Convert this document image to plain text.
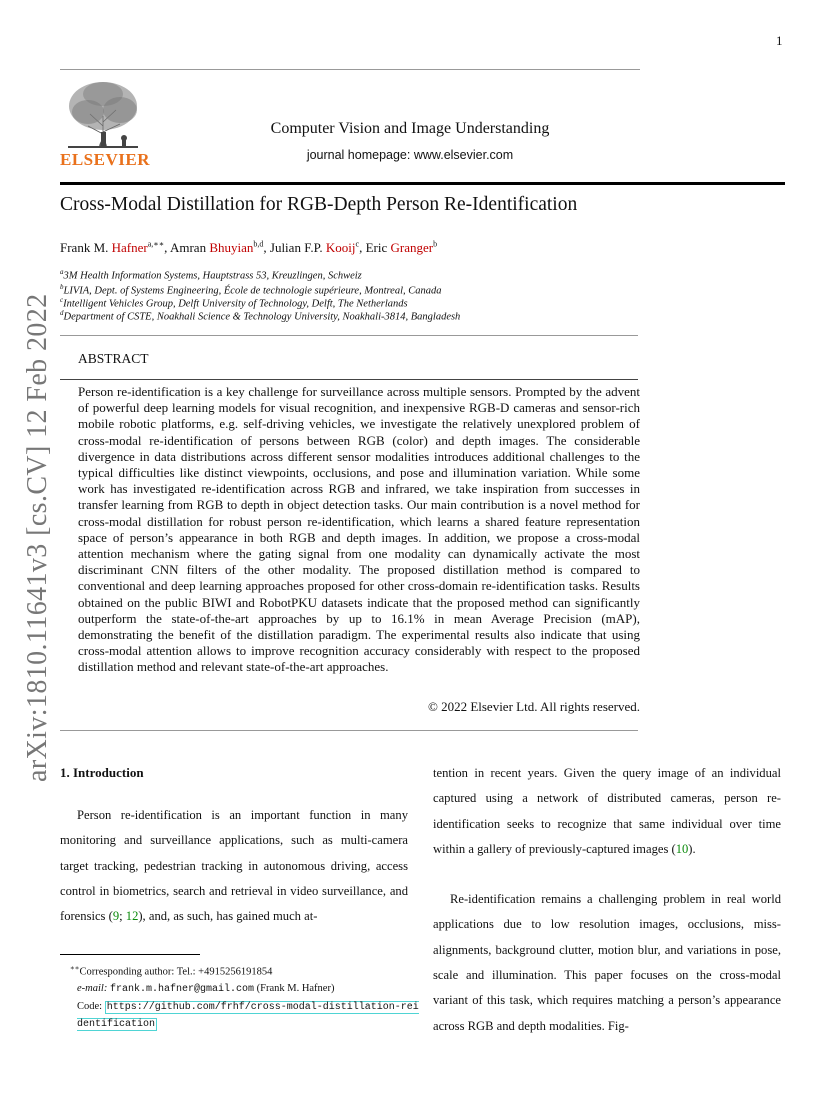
1
ELSEVIER
Computer Vision and Image Understanding
journal homepage: www.elsevier.com
Cross-Modal Distillation for RGB-Depth Person Re-Identification
Frank M. Hafner$^{a,∗∗}$, Amran Bhuyian$^{b,d}$, Julian F.P. Kooij$^c$, Eric Granger$^b$
$^a$3M Health Information Systems, Hauptstrass 53, Kreuzlingen, Schweiz
$^b$LIVIA, Dept. of Systems Engineering, École de technologie supérieure, Montreal, Canada
$^c$Intelligent Vehicles Group, Delft University of Technology, Delft, The Netherlands
$^d$Department of CSTE, Noakhali Science & Technology University, Noakhali-3814, Bangladesh
ABSTRACT
Person re-identification is a key challenge for surveillance across multiple sensors. Prompted by the advent of powerful deep learning models for visual recognition, and inexpensive RGB-D cameras and sensor-rich mobile robotic platforms, e.g. self-driving vehicles, we investigate the relatively unexplored problem of cross-modal re-identification of persons between RGB (color) and depth images. The considerable divergence in data distributions across different sensor modalities introduces additional challenges to the typical difficulties like distinct viewpoints, occlusions, and pose and illumination variation. While some work has investigated re-identification across RGB and infrared, we take inspiration from successes in transfer learning from RGB to depth in object detection tasks. Our main contribution is a novel method for cross-modal distillation for robust person re-identification, which learns a shared feature representation space of person’s appearance in both RGB and depth images. In addition, we propose a cross-modal attention mechanism where the gating signal from one modality can dynamically activate the most discriminant CNN filters of the other modality. The proposed distillation method is compared to conventional and deep learning approaches proposed for other cross-domain re-identification tasks. Results obtained on the public BIWI and RobotPKU datasets indicate that the proposed method can significantly outperform the state-of-the-art approaches by up to 16.1% in mean Average Precision (mAP), demonstrating the benefit of the distillation paradigm. The experimental results also indicate that using cross-modal attention allows to improve recognition accuracy considerably with respect to the proposed distillation method and relevant state-of-the-art approaches.
© 2022 Elsevier Ltd. All rights reserved.
1. Introduction

Person re-identification is an important function in many monitoring and surveillance applications, such as multi-camera target tracking, pedestrian tracking in autonomous driving, access control in biometrics, search and retrieval in video surveillance, and forensics (9; 12), and, as such, has gained much at-

tention in recent years. Given the query image of an individual captured using a network of distributed cameras, person re-identification seeks to recognize that same individual over time within a gallery of previously-captured images (10).

Re-identification remains a challenging problem in real world applications due to low resolution images, occlusions, miss-alignments, background clutter, motion blur, and variations in pose, scale and illumination. This paper focuses on the cross-modal variant of this task, which requires matching a person’s appearance across RGB and depth modalities. Fig-

∗∗Corresponding author: Tel.: +4915256191854
e-mail: frank.m.hafner@gmail.com (Frank M. Hafner)
Code: https://github.com/frhf/cross-modal-distillation-reidentification
arXiv:1810.11641v3 [cs.CV] 12 Feb 2022
